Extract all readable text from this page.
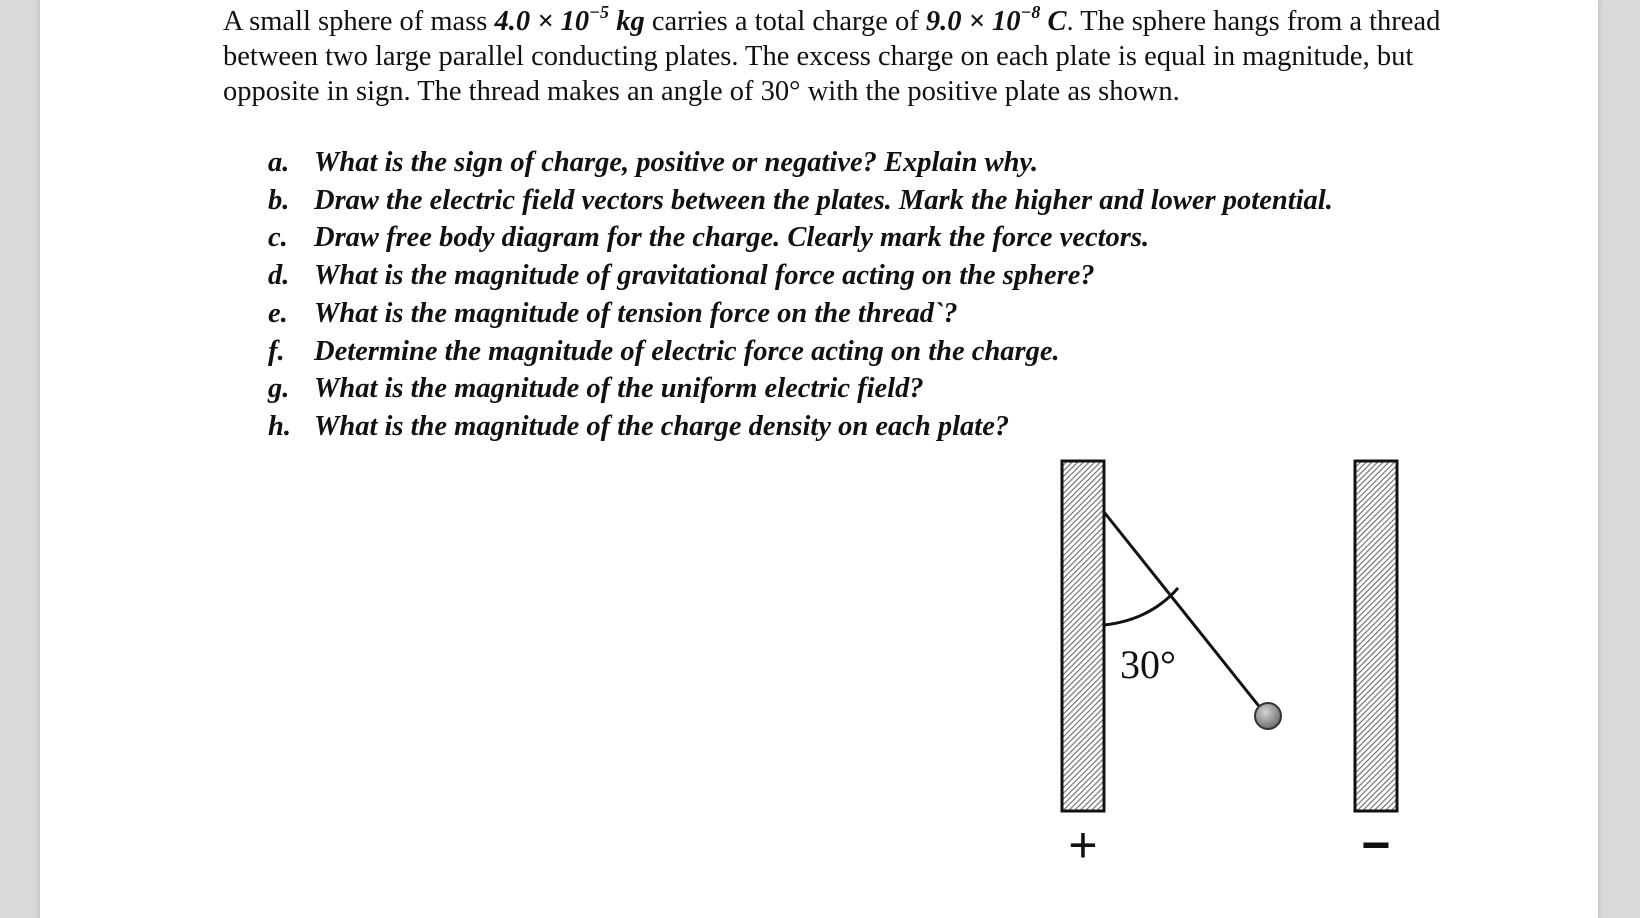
A small sphere of mass $4.0 \times 10^{-5}$ kg carries a total charge of $9.0 \times 10^{-8}$ C. The sphere hangs from a thread between two large parallel conducting plates. The excess charge on each plate is equal in magnitude, but opposite in sign. The thread makes an angle of 30° with the positive plate as shown.

a. What is the sign of charge, positive or negative? Explain why.
b. Draw the electric field vectors between the plates. Mark the higher and lower potential.
c. Draw free body diagram for the charge. Clearly mark the force vectors.
d. What is the magnitude of gravitational force acting on the sphere?
e. What is the magnitude of tension force on the thread`?
f.	Determine the magnitude of electric force acting on the charge.
g. What is the magnitude of the uniform electric field?
h. What is the magnitude of the charge density on each plate?
30°
+	−
